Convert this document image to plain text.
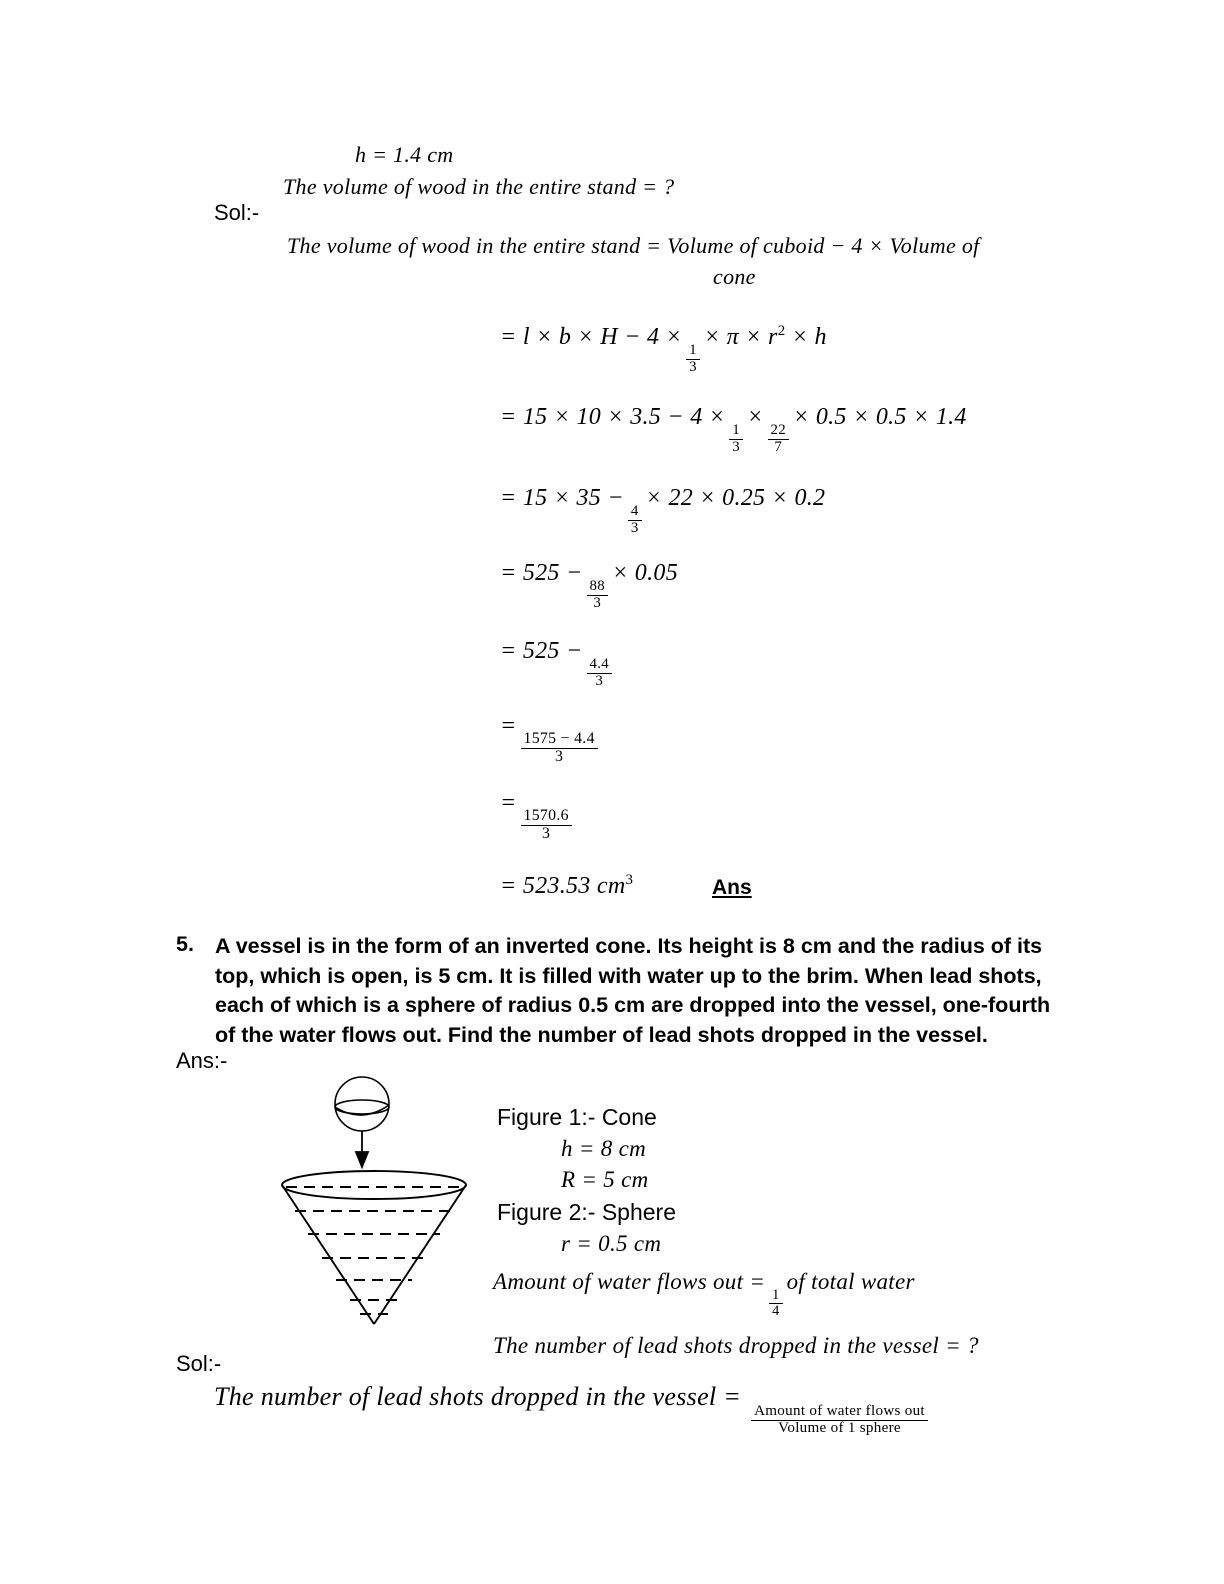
h = 1.4 cm
The volume of wood in the entire stand = ?
Sol:-
The volume of wood in the entire stand = Volume of cuboid − 4 × Volume of
cone
= l × b × H − 4 ×
$\frac{1}{3}$
× $\pi \times r^2 \times h$
= 15 × 10 × 3.5 − 4 ×
$\frac{1}{3}$
×
$\frac{22}{7}$
× 0.5 × 0.5 × 1.4
= 15 × 35 −
$\frac{4}{3}$
× 22 × 0.25 × 0.2
= 525 −
$\frac{88}{3}$
× 0.05
= 525 −
$\frac{4.4}{3}$
=
$\frac{1575 - 4.4}{3}$
=
$\frac{1570.6}{3}$
= 523.53 $cm^3$	Ans
5. A vessel is in the form of an inverted cone. Its height is 8 cm and the radius of its top, which is open, is 5 cm. It is filled with water up to the brim. When lead shots, each of which is a sphere of radius 0.5 cm are dropped into the vessel, one-fourth of the water flows out. Find the number of lead shots dropped in the vessel.
Ans:-
Figure 1:- Cone
h = 8 cm
R = 5 cm
Figure 2:- Sphere
r = 0.5 cm
Amount of water flows out =
$\frac{1}{4}$
of total water
The number of lead shots dropped in the vessel = ?
Sol:-
The number of lead shots dropped in the vessel =
$\frac{\text{Amount of water flows out}}{\text{Volume of 1 sphere}}$
